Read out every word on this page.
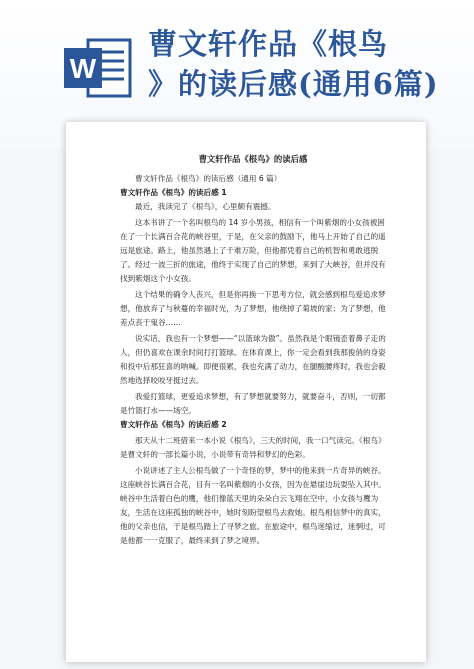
W
曹文轩作品《根鸟
》的读后感(通用6篇)
曹文轩作品《根鸟》的读后感

曹文轩作品《根鸟》的读后感（通用 6 篇）

曹文轩作品《根鸟》的读后感 1

最近，我读完了《根鸟》，心里颇有震撼。

这本书讲了一个名叫根鸟的 14 岁小男孩，相信有一个叫紫烟的小女孩被困在了一个长满百合花的峡谷里，于是，在父亲的鼓励下，他马上开始了自己的遥远是旅途。路上，他虽然遇上了千难万险，但他都凭着自己的机智和勇敢逃脱了。经过一波三折的旅途，他终于实现了自己的梦想，来到了大峡谷，但并没有找到紫烟这个小女孩。

这个结果的确令人丧兴，但是你再换一下思考方位，就会感到根鸟爱追求梦想，他放弃了与秋蔓的幸福时光，为了梦想，他绕掉了菊坡的家；为了梦想，他差点丧于鬼谷……

说实话，我也有一个梦想——“以篮球为傲”。虽然我是个眼镜歪着鼻子走的人，但仍喜欢在课余时间打打篮球。在体育课上，你一定会看到我那俊俏的身姿和投中后那狂喜的呐喊。即便很累，我也充满了动力，在腿酸腰疼时，我也会毅然地选择咬咬牙挺过去。

我爱打篮球，更爱追求梦想，有了梦想就要努力，就要奋斗，否则，一切都是竹篮打水——场空。

曹文轩作品《根鸟》的读后感 2

那天从十二班借来一本小说《根鸟》，三天的时间，我一口气读完。《根鸟》是曹文轩的一部长篇小说，小说带有奇异和梦幻的色彩。

小说讲述了主人公根鸟做了一个奇怪的梦，梦中的他来到一片奇异的峡谷。这座峡谷长满百合花，目有一名叫紫烟的小女孩，因为在悬崖边玩耍坠入其中。峡谷中生活着白色的鹰，他们像蓝天里的朵朵白云飞翔在空中，小女孩与鹰为友，生活在这座孤独的峡谷中，她时刻盼望根鸟去救她。根鸟相信梦中的真实，他的父亲也信，于是根鸟踏上了寻梦之旅。在旅途中，根鸟迷缩过，迷惘过，可是他都一一克服了，最终来到了梦之境界。
